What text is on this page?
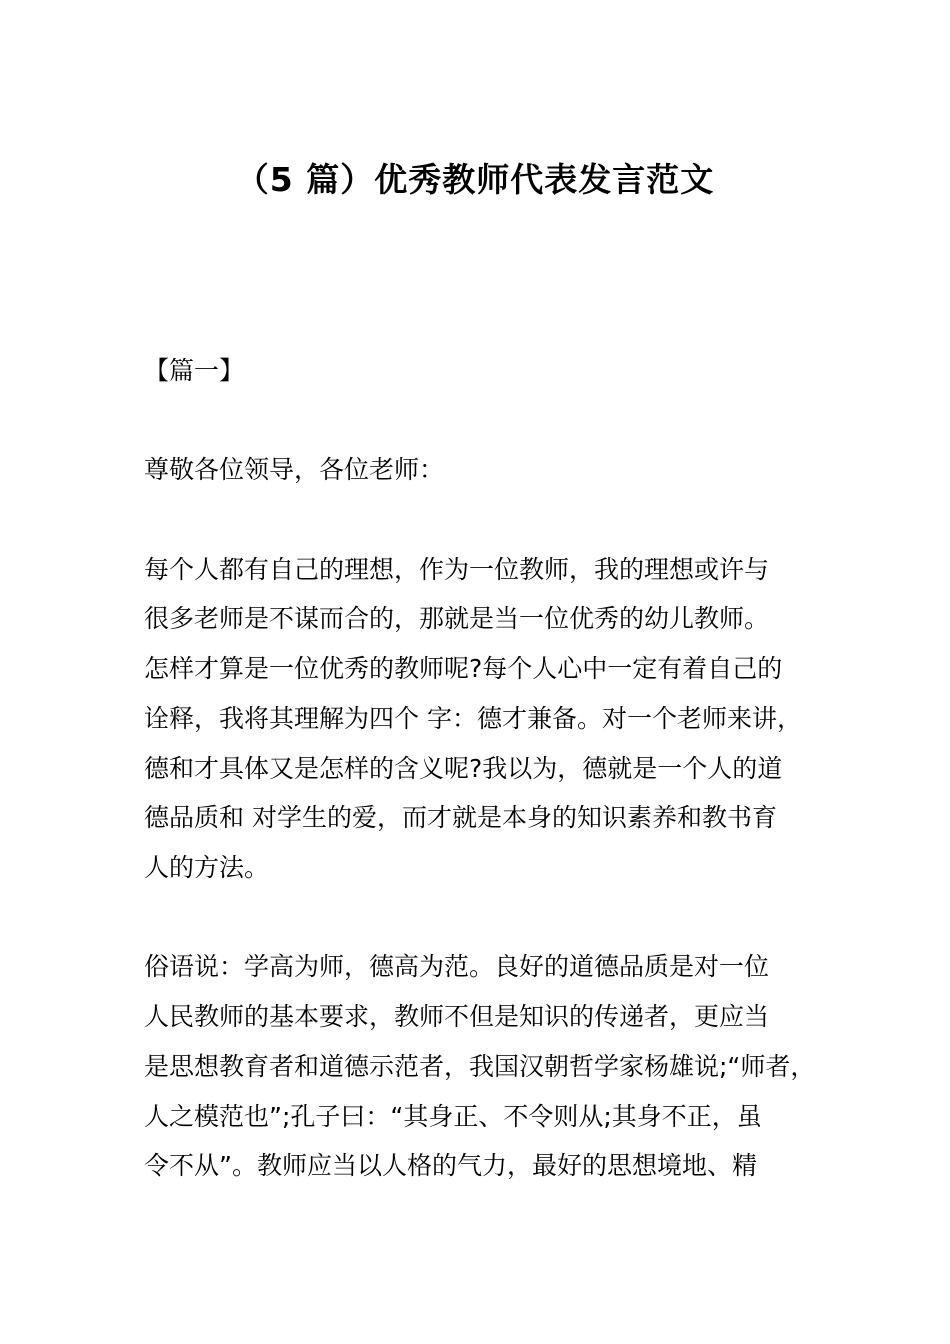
（5 篇）优秀教师代表发言范文

【篇一】

尊敬各位领导，各位老师：

每个人都有自己的理想，作为一位教师，我的理想或许与
很多老师是不谋而合的，那就是当一位优秀的幼儿教师。
怎样才算是一位优秀的教师呢?每个人心中一定有着自己的
诠释，我将其理解为四个 字：德才兼备。对一个老师来讲，
德和才具体又是怎样的含义呢?我以为，德就是一个人的道
德品质和 对学生的爱，而才就是本身的知识素养和教书育
人的方法。

俗语说：学高为师，德高为范。良好的道德品质是对一位
人民教师的基本要求，教师不但是知识的传递者，更应当
是思想教育者和道德示范者，我国汉朝哲学家杨雄说;“师者，
人之模范也”;孔子曰：“其身正、不令则从;其身不正，虽
令不从”。教师应当以人格的气力，最好的思想境地、精
